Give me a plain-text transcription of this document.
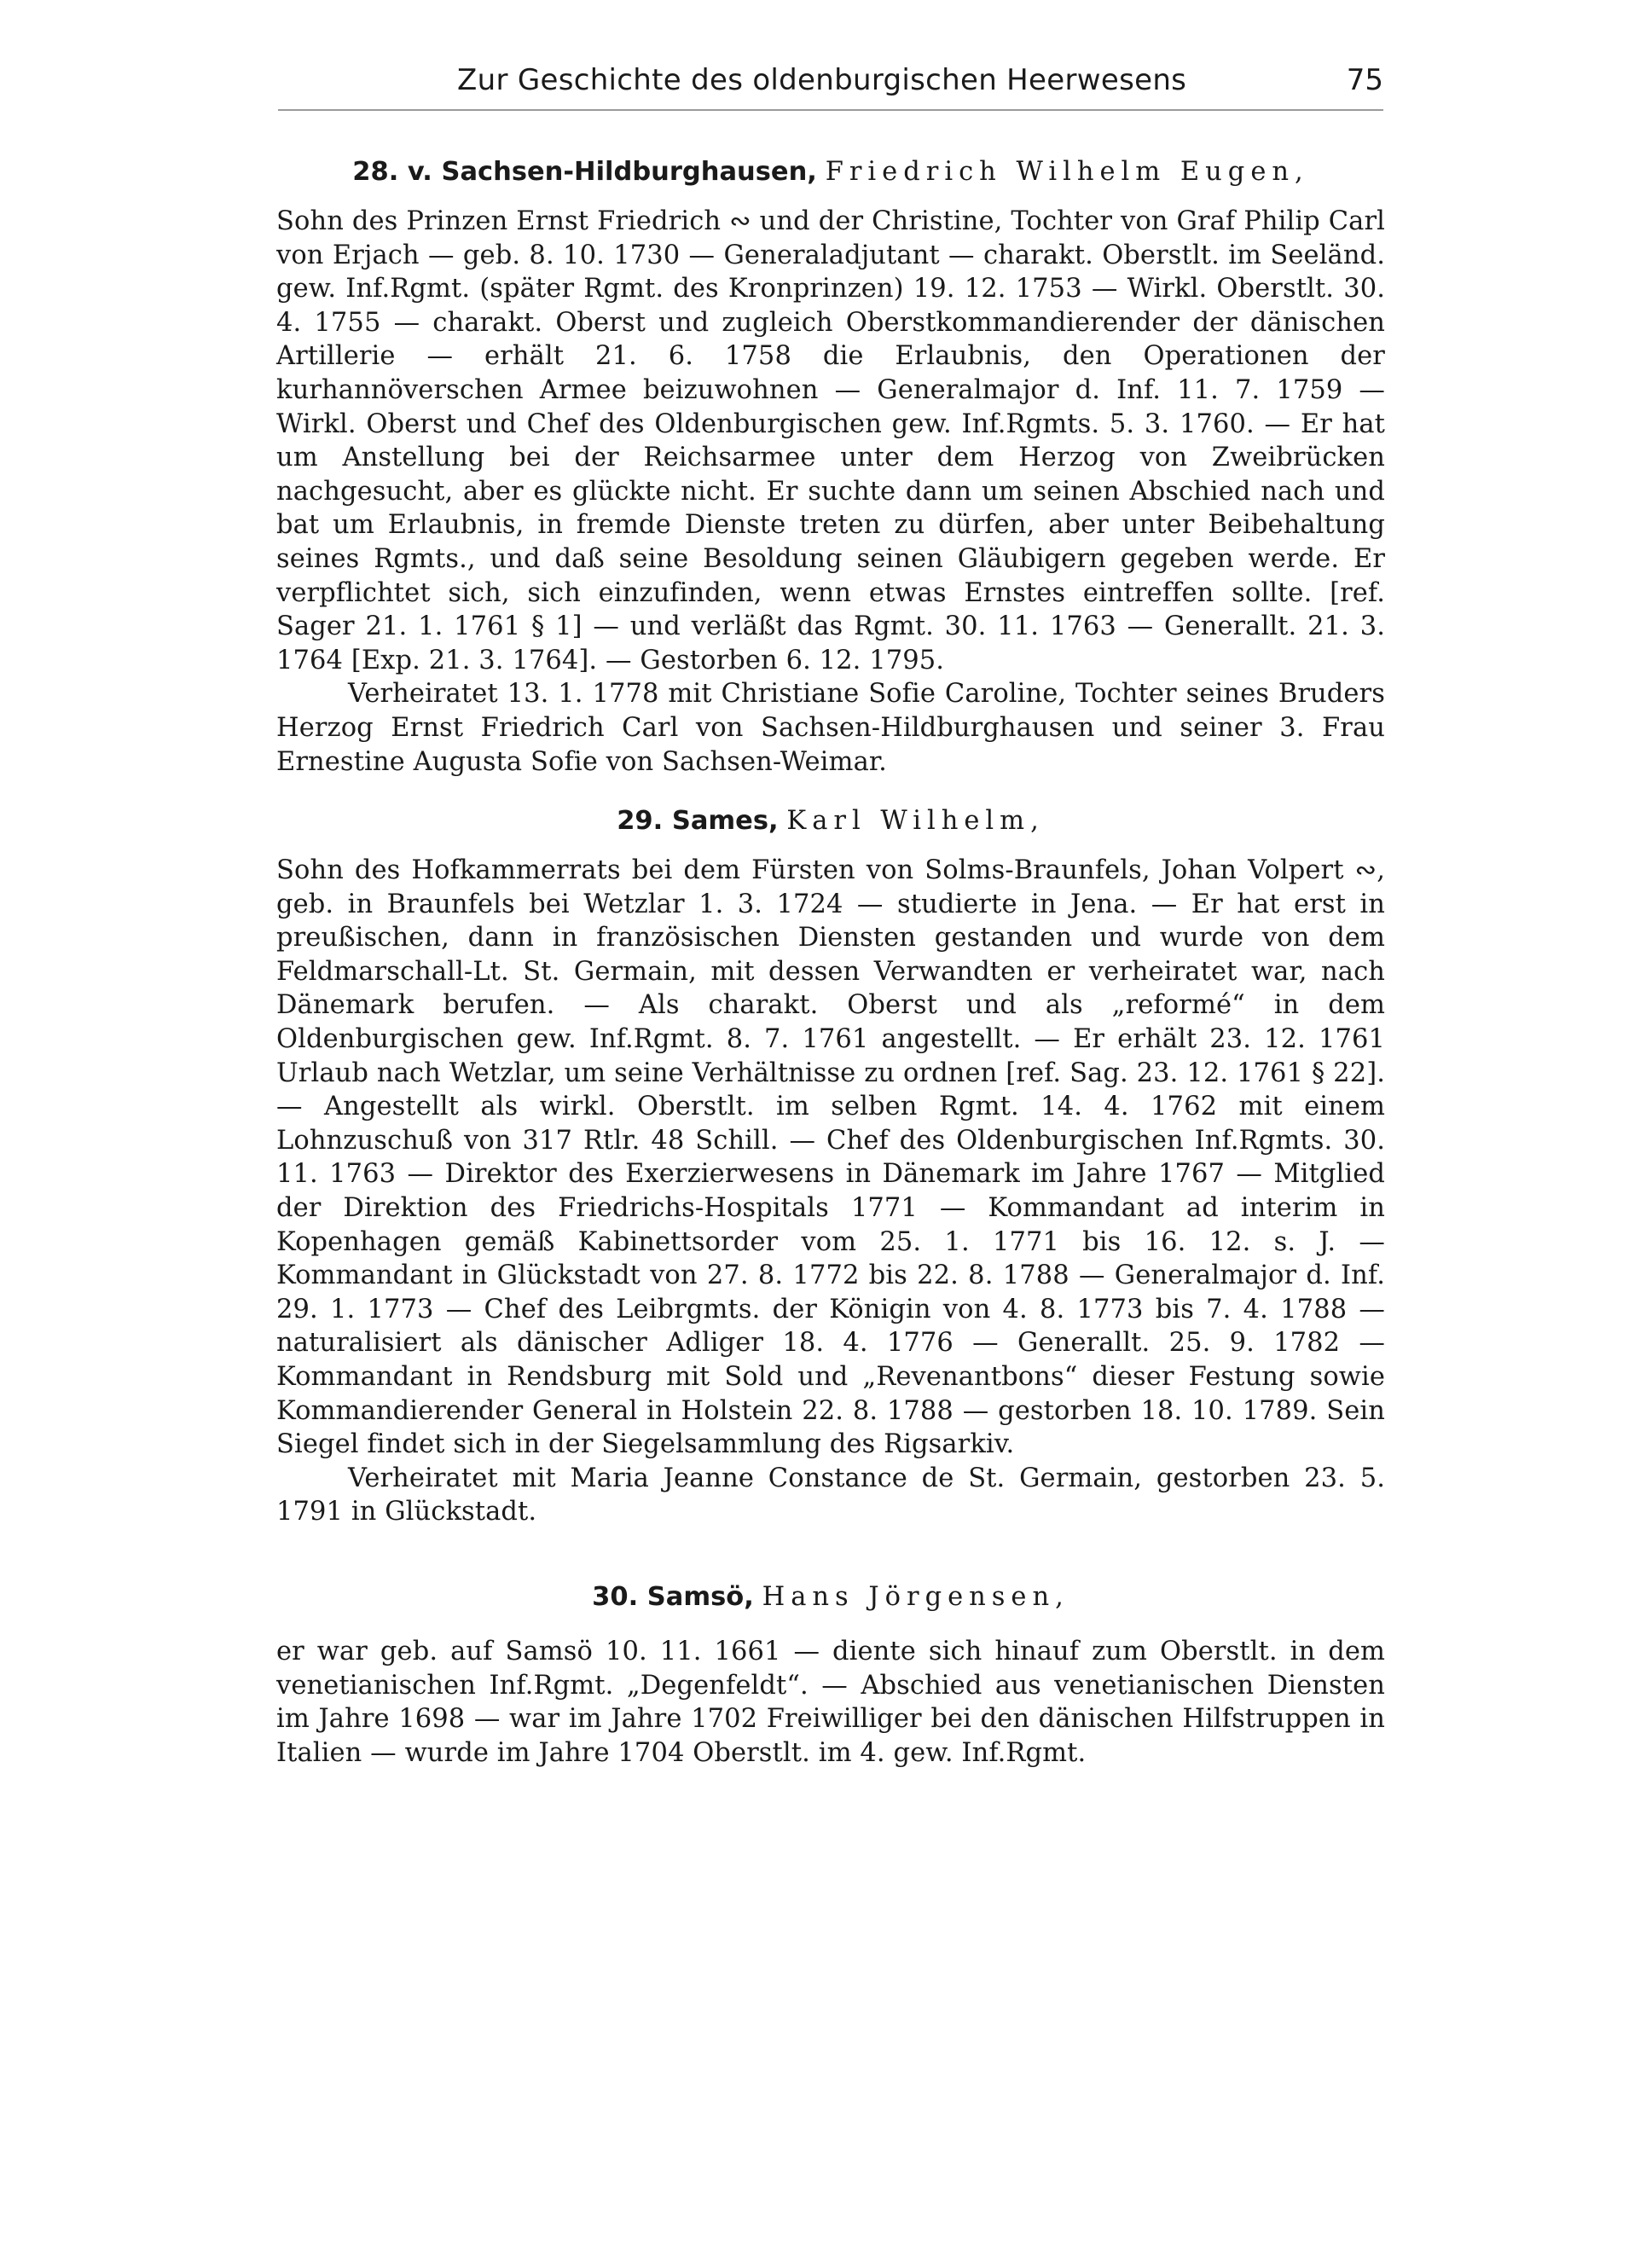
Zur Geschichte des oldenburgischen Heerwesens	75

28. v. Sachsen-Hildburghausen, Friedrich Wilhelm Eugen,

Sohn des Prinzen Ernst Friedrich ∾ und der Christine, Tochter von Graf Philip Carl von Erjach — geb. 8. 10. 1730 — Generaladjutant — charakt. Oberstlt. im Seeländ. gew. Inf.Rgmt. (später Rgmt. des Kronprinzen) 19. 12. 1753 — Wirkl. Oberstlt. 30. 4. 1755 — charakt. Oberst und zugleich Oberstkommandierender der dänischen Artillerie — erhält 21. 6. 1758 die Erlaubnis, den Operationen der kurhannöverschen Armee beizuwohnen — Generalmajor d. Inf. 11. 7. 1759 — Wirkl. Oberst und Chef des Oldenburgischen gew. Inf.Rgmts. 5. 3. 1760. — Er hat um Anstellung bei der Reichsarmee unter dem Herzog von Zweibrücken nachgesucht, aber es glückte nicht. Er suchte dann um seinen Abschied nach und bat um Erlaubnis, in fremde Dienste treten zu dürfen, aber unter Beibehaltung seines Rgmts., und daß seine Besoldung seinen Gläubigern gegeben werde. Er verpflichtet sich, sich einzufinden, wenn etwas Ernstes eintreffen sollte. [ref. Sager 21. 1. 1761 § 1] — und verläßt das Rgmt. 30. 11. 1763 — Generallt. 21. 3. 1764 [Exp. 21. 3. 1764]. — Gestorben 6. 12. 1795.

Verheiratet 13. 1. 1778 mit Christiane Sofie Caroline, Tochter seines Bruders Herzog Ernst Friedrich Carl von Sachsen-Hildburghausen und seiner 3. Frau Ernestine Augusta Sofie von Sachsen-Weimar.

29. Sames, Karl Wilhelm,

Sohn des Hofkammerrats bei dem Fürsten von Solms-Braunfels, Johan Volpert ∾, geb. in Braunfels bei Wetzlar 1. 3. 1724 — studierte in Jena. — Er hat erst in preußischen, dann in französischen Diensten gestanden und wurde von dem Feldmarschall-Lt. St. Germain, mit dessen Verwandten er verheiratet war, nach Dänemark berufen. — Als charakt. Oberst und als „reformé“ in dem Oldenburgischen gew. Inf.Rgmt. 8. 7. 1761 angestellt. — Er erhält 23. 12. 1761 Urlaub nach Wetzlar, um seine Verhältnisse zu ordnen [ref. Sag. 23. 12. 1761 § 22]. — Angestellt als wirkl. Oberstlt. im selben Rgmt. 14. 4. 1762 mit einem Lohnzuschuß von 317 Rtlr. 48 Schill. — Chef des Oldenburgischen Inf.Rgmts. 30. 11. 1763 — Direktor des Exerzierwesens in Dänemark im Jahre 1767 — Mitglied der Direktion des Friedrichs-Hospitals 1771 — Kommandant ad interim in Kopenhagen gemäß Kabinettsorder vom 25. 1. 1771 bis 16. 12. s. J. — Kommandant in Glückstadt von 27. 8. 1772 bis 22. 8. 1788 — Generalmajor d. Inf. 29. 1. 1773 — Chef des Leibrgmts. der Königin von 4. 8. 1773 bis 7. 4. 1788 — naturalisiert als dänischer Adliger 18. 4. 1776 — Generallt. 25. 9. 1782 — Kommandant in Rendsburg mit Sold und „Revenantbons“ dieser Festung sowie Kommandierender General in Holstein 22. 8. 1788 — gestorben 18. 10. 1789. Sein Siegel findet sich in der Siegelsammlung des Rigsarkiv.

Verheiratet mit Maria Jeanne Constance de St. Germain, gestorben 23. 5. 1791 in Glückstadt.

30. Samsö, Hans Jörgensen,

er war geb. auf Samsö 10. 11. 1661 — diente sich hinauf zum Oberstlt. in dem venetianischen Inf.Rgmt. „Degenfeldt“. — Abschied aus venetianischen Diensten im Jahre 1698 — war im Jahre 1702 Freiwilliger bei den dänischen Hilfstruppen in Italien — wurde im Jahre 1704 Oberstlt. im 4. gew. Inf.Rgmt.
